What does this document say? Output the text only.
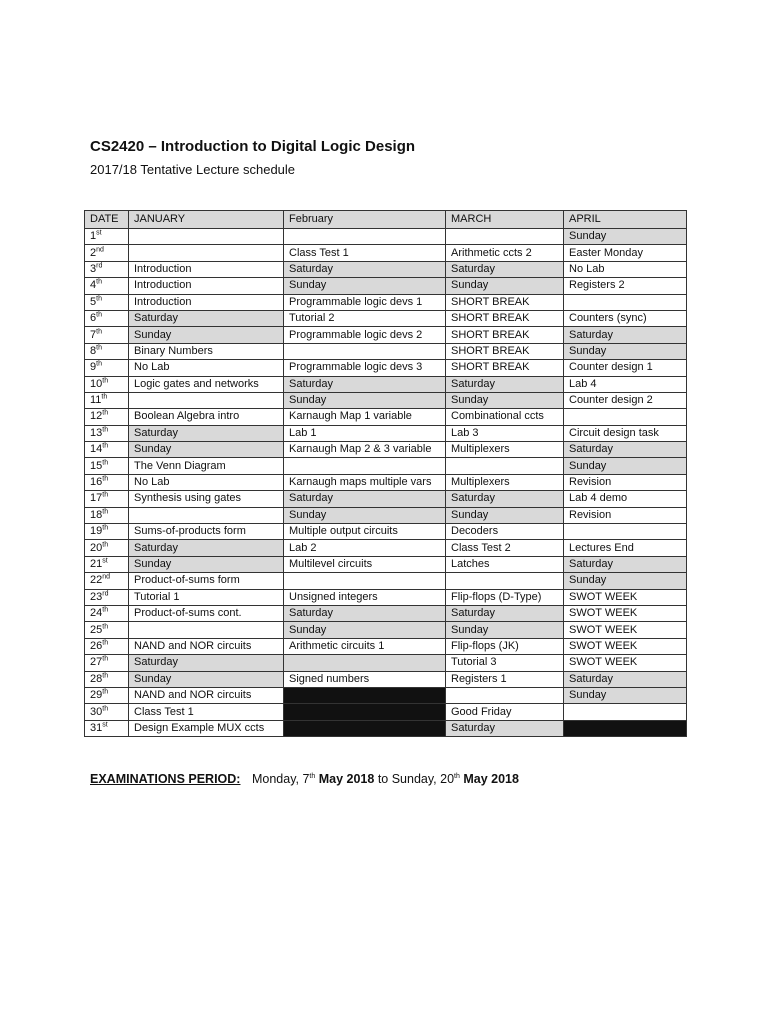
CS2420 – Introduction to Digital Logic Design
2017/18 Tentative Lecture schedule
DATE	JANUARY	February	MARCH	APRIL
1st				Sunday
2nd		Class Test 1	Arithmetic ccts 2	Easter Monday
3rd	Introduction	Saturday	Saturday	No Lab
4th	Introduction	Sunday	Sunday	Registers 2
5th	Introduction	Programmable logic devs 1	SHORT BREAK	
6th	Saturday	Tutorial 2	SHORT BREAK	Counters (sync)
7th	Sunday	Programmable logic devs 2	SHORT BREAK	Saturday
8th	Binary Numbers		SHORT BREAK	Sunday
9th	No Lab	Programmable logic devs 3	SHORT BREAK	Counter design 1
10th	Logic gates and networks	Saturday	Saturday	Lab 4
11th		Sunday	Sunday	Counter design 2
12th	Boolean Algebra intro	Karnaugh Map 1 variable	Combinational ccts	
13th	Saturday	Lab 1	Lab 3	Circuit design task
14th	Sunday	Karnaugh Map 2 & 3 variable	Multiplexers	Saturday
15th	The Venn Diagram			Sunday
16th	No Lab	Karnaugh maps multiple vars	Multiplexers	Revision
17th	Synthesis using gates	Saturday	Saturday	Lab 4 demo
18th		Sunday	Sunday	Revision
19th	Sums-of-products form	Multiple output circuits	Decoders	
20th	Saturday	Lab 2	Class Test 2	Lectures End
21st	Sunday	Multilevel circuits	Latches	Saturday
22nd	Product-of-sums form			Sunday
23rd	Tutorial 1	Unsigned integers	Flip-flops (D-Type)	SWOT WEEK
24th	Product-of-sums cont.	Saturday	Saturday	SWOT WEEK
25th		Sunday	Sunday	SWOT WEEK
26th	NAND and NOR circuits	Arithmetic circuits 1	Flip-flops (JK)	SWOT WEEK
27th	Saturday		Tutorial 3	SWOT WEEK
28th	Sunday	Signed numbers	Registers 1	Saturday
29th	NAND and NOR circuits			Sunday
30th	Class Test 1		Good Friday	
31st	Design Example MUX ccts		Saturday	
EXAMINATIONS PERIOD: Monday, 7th May 2018 to Sunday, 20th May 2018
